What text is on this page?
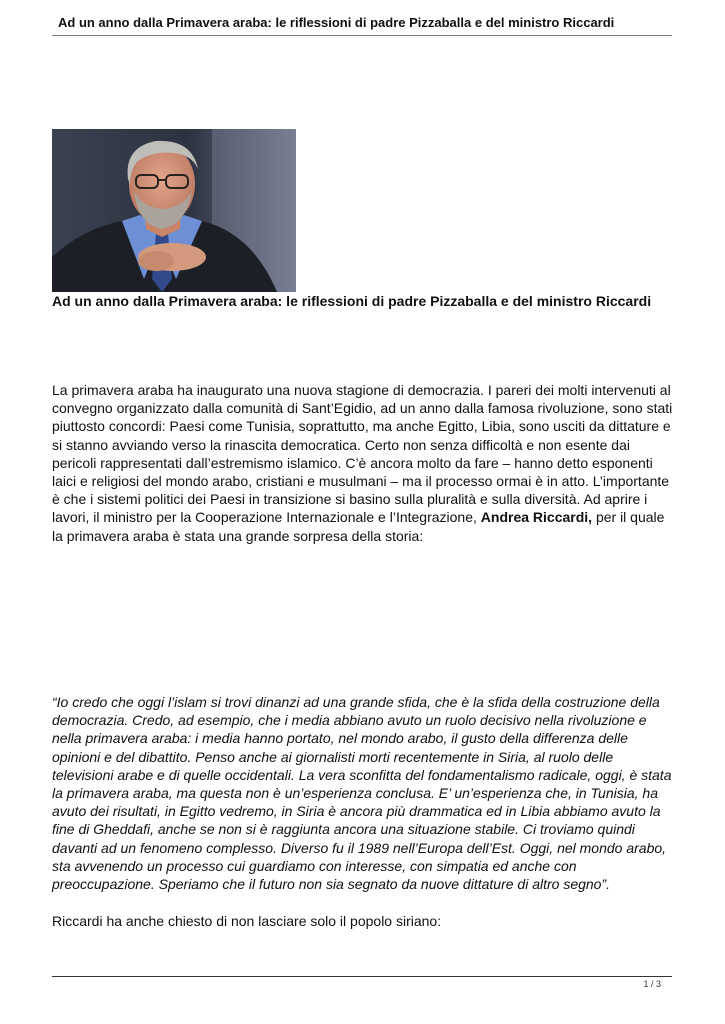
Ad un anno dalla Primavera araba: le riflessioni di padre Pizzaballa e del ministro Riccardi
Ad un anno dalla Primavera araba: le riflessioni di padre Pizzaballa e del ministro Riccardi
La primavera araba ha inaugurato una nuova stagione di democrazia. I pareri dei molti intervenuti al convegno organizzato dalla comunità di Sant’Egidio, ad un anno dalla famosa rivoluzione, sono stati piuttosto concordi: Paesi come Tunisia, soprattutto, ma anche Egitto, Libia, sono usciti da dittature e si stanno avviando verso la rinascita democratica. Certo non senza difficoltà e non esente dai pericoli rappresentati dall’estremismo islamico. C’è ancora molto da fare – hanno detto esponenti laici e religiosi del mondo arabo, cristiani e musulmani – ma il processo ormai è in atto. L’importante è che i sistemi politici dei Paesi in transizione si basino sulla pluralità e sulla diversità. Ad aprire i lavori, il ministro per la Cooperazione Internazionale e l’Integrazione, Andrea Riccardi, per il quale la primavera araba è stata una grande sorpresa della storia:
“Io credo che oggi l’islam si trovi dinanzi ad una grande sfida, che è la sfida della costruzione della democrazia. Credo, ad esempio, che i media abbiano avuto un ruolo decisivo nella rivoluzione e nella primavera araba: i media hanno portato, nel mondo arabo, il gusto della differenza delle opinioni e del dibattito. Penso anche ai giornalisti morti recentemente in Siria, al ruolo delle televisioni arabe e di quelle occidentali. La vera sconfitta del fondamentalismo radicale, oggi, è stata la primavera araba, ma questa non è un’esperienza conclusa. E’ un’esperienza che, in Tunisia, ha avuto dei risultati, in Egitto vedremo, in Siria è ancora più drammatica ed in Libia abbiamo avuto la fine di Gheddafi, anche se non si è raggiunta ancora una situazione stabile. Ci troviamo quindi davanti ad un fenomeno complesso. Diverso fu il 1989 nell’Europa dell’Est. Oggi, nel mondo arabo, sta avvenendo un processo cui guardiamo con interesse, con simpatia ed anche con preoccupazione. Speriamo che il futuro non sia segnato da nuove dittature di altro segno”.
Riccardi ha anche chiesto di non lasciare solo il popolo siriano:
1 / 3
